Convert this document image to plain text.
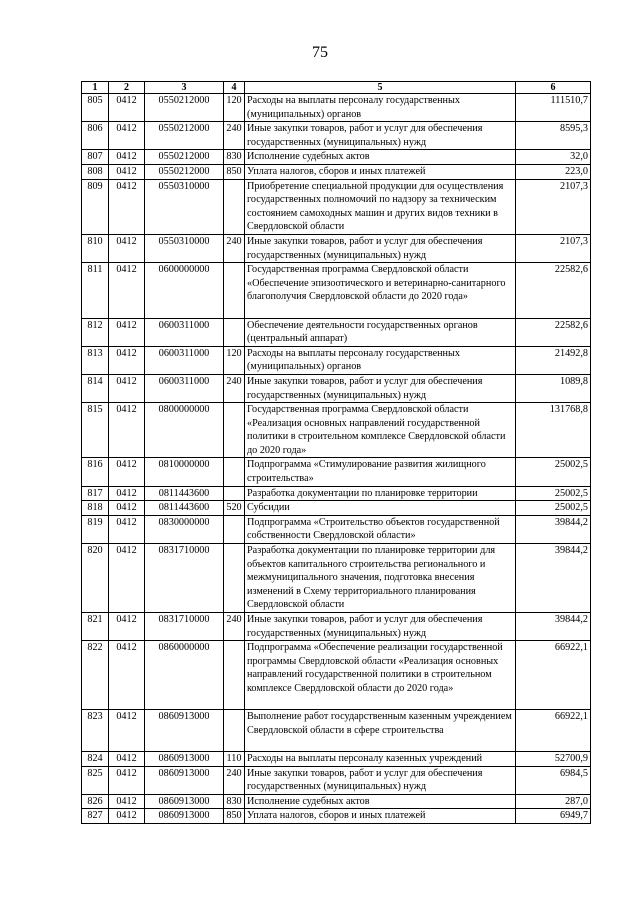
75
1	2	3	4	5	6
805	0412	0550212000	120	Расходы на выплаты персоналу государственных (муниципальных) органов	111510,7
806	0412	0550212000	240	Иные закупки товаров, работ и услуг для обеспечения государственных (муниципальных) нужд	8595,3
807	0412	0550212000	830	Исполнение судебных актов	32,0
808	0412	0550212000	850	Уплата налогов, сборов и иных платежей	223,0
809	0412	0550310000		Приобретение специальной продукции для осуществления государственных полномочий по надзору за техническим состоянием самоходных машин и других видов техники в Свердловской области	2107,3
810	0412	0550310000	240	Иные закупки товаров, работ и услуг для обеспечения государственных (муниципальных) нужд	2107,3
811	0412	0600000000		Государственная программа Свердловской области «Обеспечение эпизоотического и ветеринарно-санитарного благополучия Свердловской области до 2020 года»	22582,6
812	0412	0600311000		Обеспечение деятельности государственных органов (центральный аппарат)	22582,6
813	0412	0600311000	120	Расходы на выплаты персоналу государственных (муниципальных) органов	21492,8
814	0412	0600311000	240	Иные закупки товаров, работ и услуг для обеспечения государственных (муниципальных) нужд	1089,8
815	0412	0800000000		Государственная программа Свердловской области «Реализация основных направлений государственной политики в строительном комплексе Свердловской области до 2020 года»	131768,8
816	0412	0810000000		Подпрограмма «Стимулирование развития жилищного строительства»	25002,5
817	0412	0811443600		Разработка документации по планировке территории	25002,5
818	0412	0811443600	520	Субсидии	25002,5
819	0412	0830000000		Подпрограмма «Строительство объектов государственной собственности Свердловской области»	39844,2
820	0412	0831710000		Разработка документации по планировке территории для объектов капитального строительства регионального и межмуниципального значения, подготовка внесения изменений в Схему территориального планирования Свердловской области	39844,2
821	0412	0831710000	240	Иные закупки товаров, работ и услуг для обеспечения государственных (муниципальных) нужд	39844,2
822	0412	0860000000		Подпрограмма «Обеспечение реализации государственной программы Свердловской области «Реализация основных направлений государственной политики в строительном комплексе Свердловской области до 2020 года»	66922,1
823	0412	0860913000		Выполнение работ государственным казенным учреждением Свердловской области в сфере строительства	66922,1
824	0412	0860913000	110	Расходы на выплаты персоналу казенных учреждений	52700,9
825	0412	0860913000	240	Иные закупки товаров, работ и услуг для обеспечения государственных (муниципальных) нужд	6984,5
826	0412	0860913000	830	Исполнение судебных актов	287,0
827	0412	0860913000	850	Уплата налогов, сборов и иных платежей	6949,7
